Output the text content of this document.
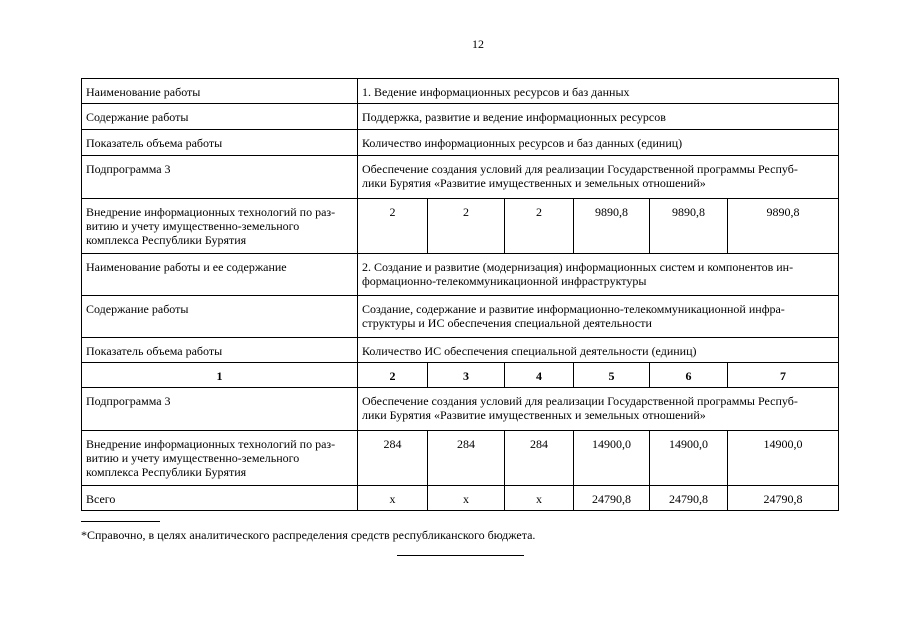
12
Наименование работы	1. Ведение информационных ресурсов и баз данных					

Содержание работы	Поддержка, развитие и ведение информационных ресурсов					

Показатель объема работы	Количество информационных ресурсов и баз данных (единиц)					

Подпрограмма 3	Обеспечение создания условий для реализации Государственной программы Респуб-
лики Бурятия «Развитие имущественных и земельных отношений»					

Внедрение информационных технологий по раз-
витию и учету имущественно-земельного
комплекса Республики Бурятия	2	2	2	9890,8	9890,8	9890,8

Наименование работы и ее содержание	2. Создание и развитие (модернизация) информационных систем и компонентов ин-
формационно-телекоммуникационной инфраструктуры					

Содержание работы	Создание, содержание и развитие информационно-телекоммуникационной инфра-
структуры и ИС обеспечения специальной деятельности					

Показатель объема работы	Количество ИС обеспечения специальной деятельности (единиц)					

1	2	3	4	5	6	7

Подпрограмма 3	Обеспечение создания условий для реализации Государственной программы Респуб-
лики Бурятия «Развитие имущественных и земельных отношений»					

Внедрение информационных технологий по раз-
витию и учету имущественно-земельного
комплекса Республики Бурятия	284	284	284	14900,0	14900,0	14900,0

Всего	х	х	х	24790,8	24790,8	24790,8
*Справочно, в целях аналитического распределения средств республиканского бюджета.
